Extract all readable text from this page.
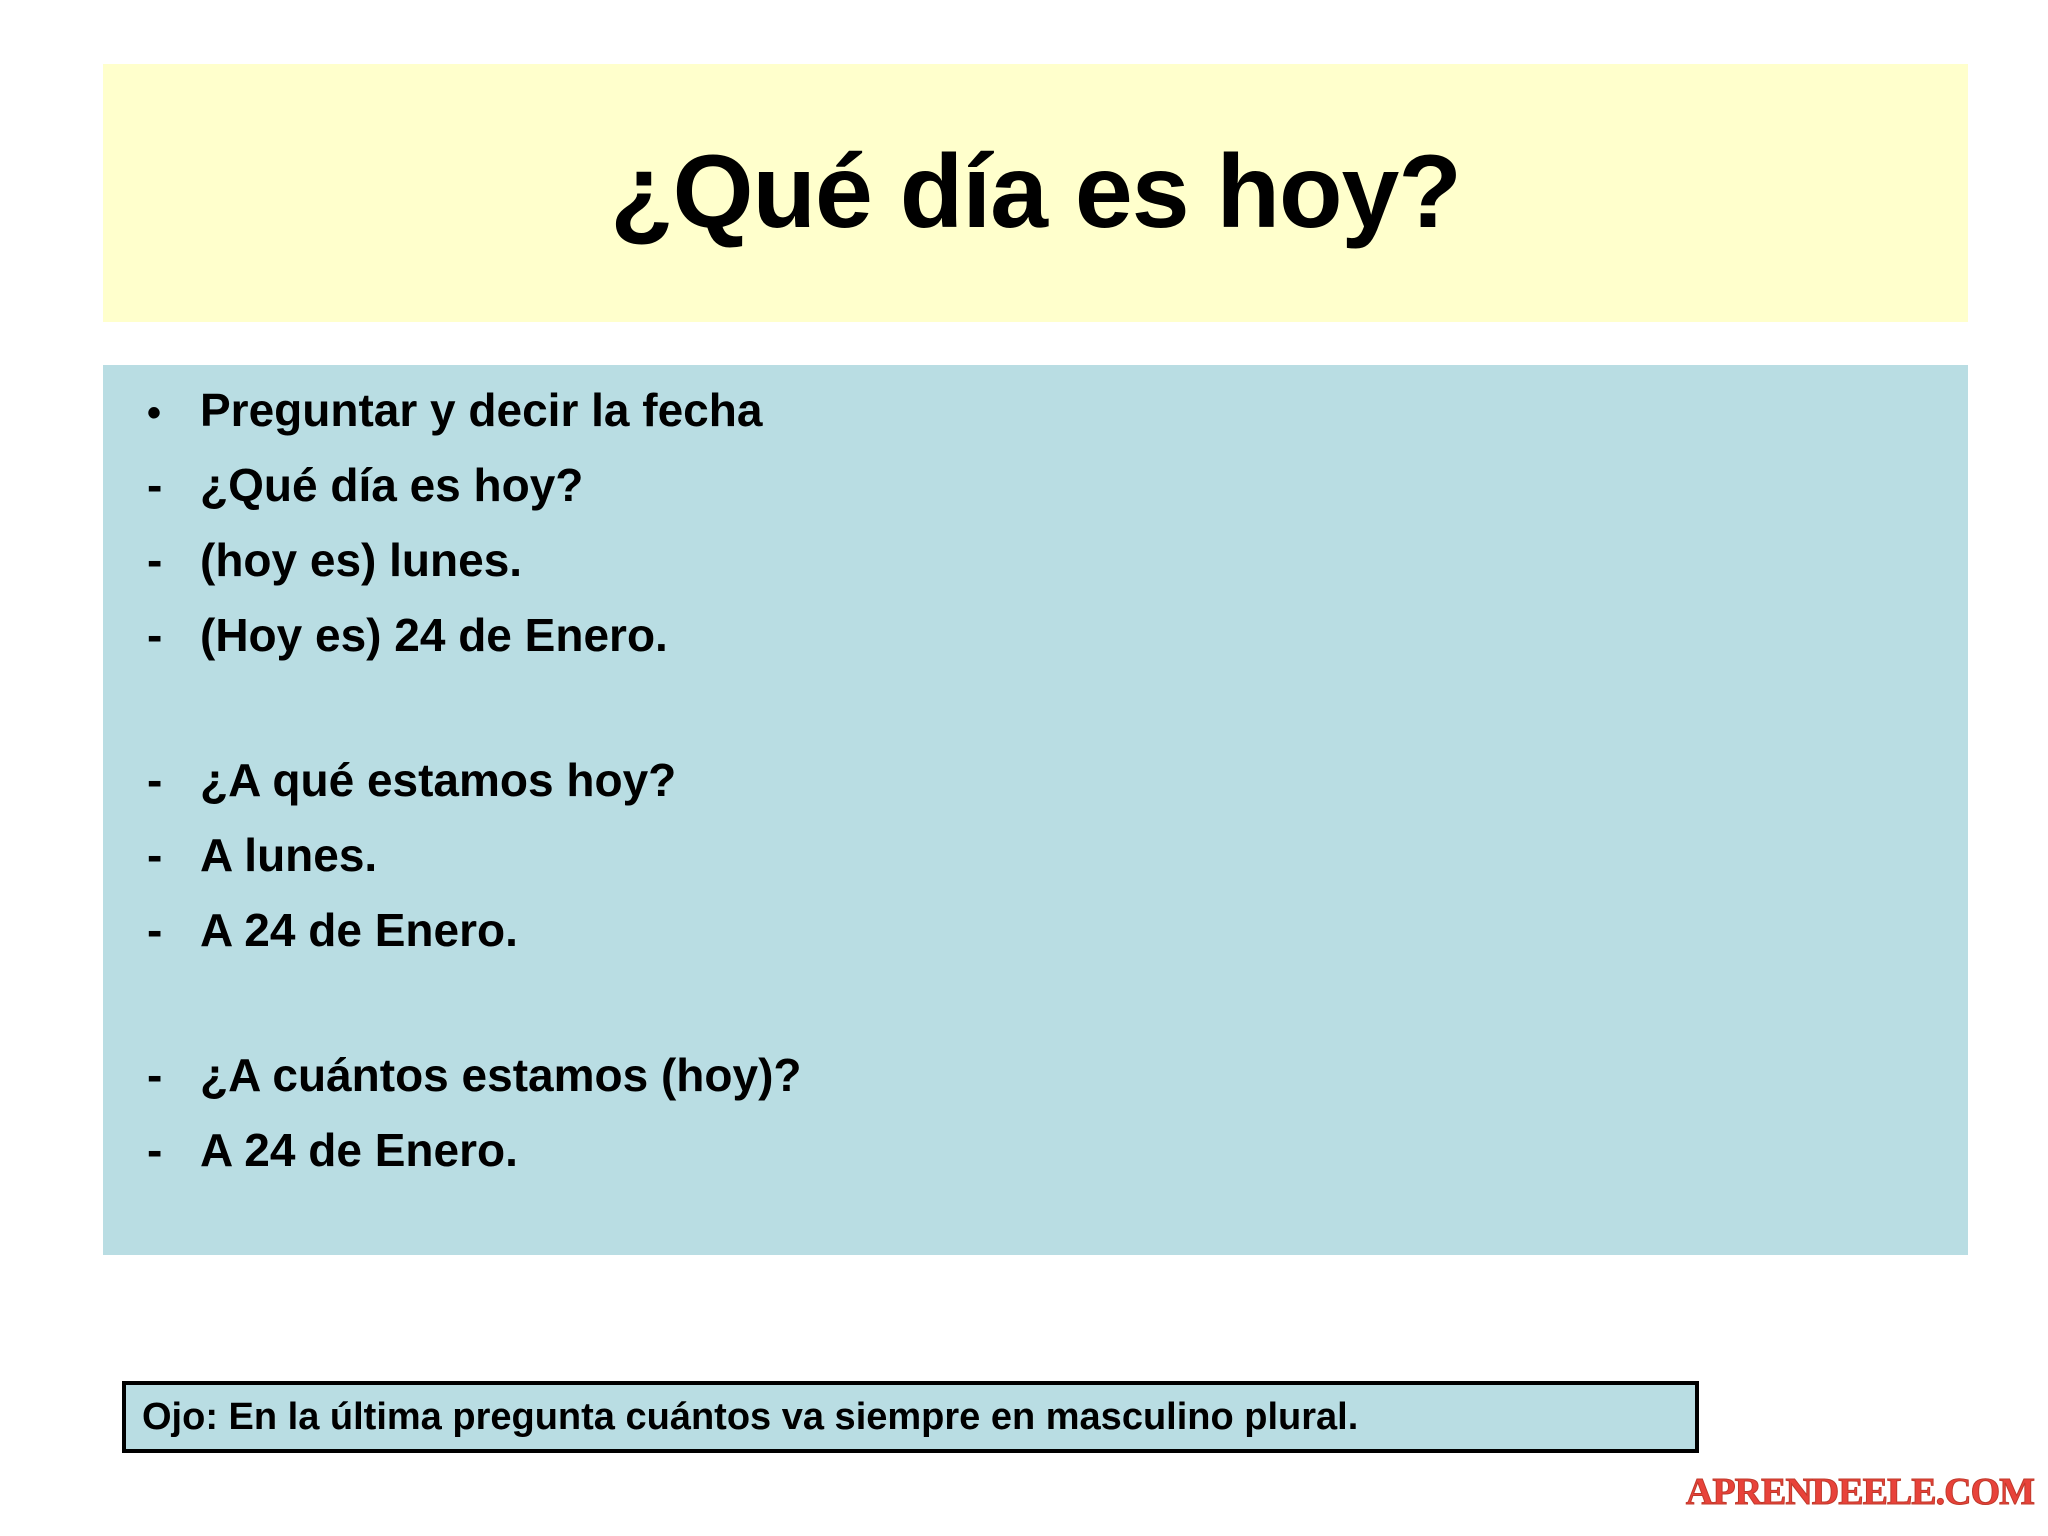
¿Qué día es hoy?
• Preguntar y decir la fecha
- ¿Qué día es hoy?
- (hoy es) lunes.
- (Hoy es) 24 de Enero.
- ¿A qué estamos hoy?
- A lunes.
- A 24 de Enero.
- ¿A cuántos estamos (hoy)?
- A 24 de Enero.
Ojo: En la última pregunta cuántos va siempre en masculino plural.
APRENDEELE.COM
